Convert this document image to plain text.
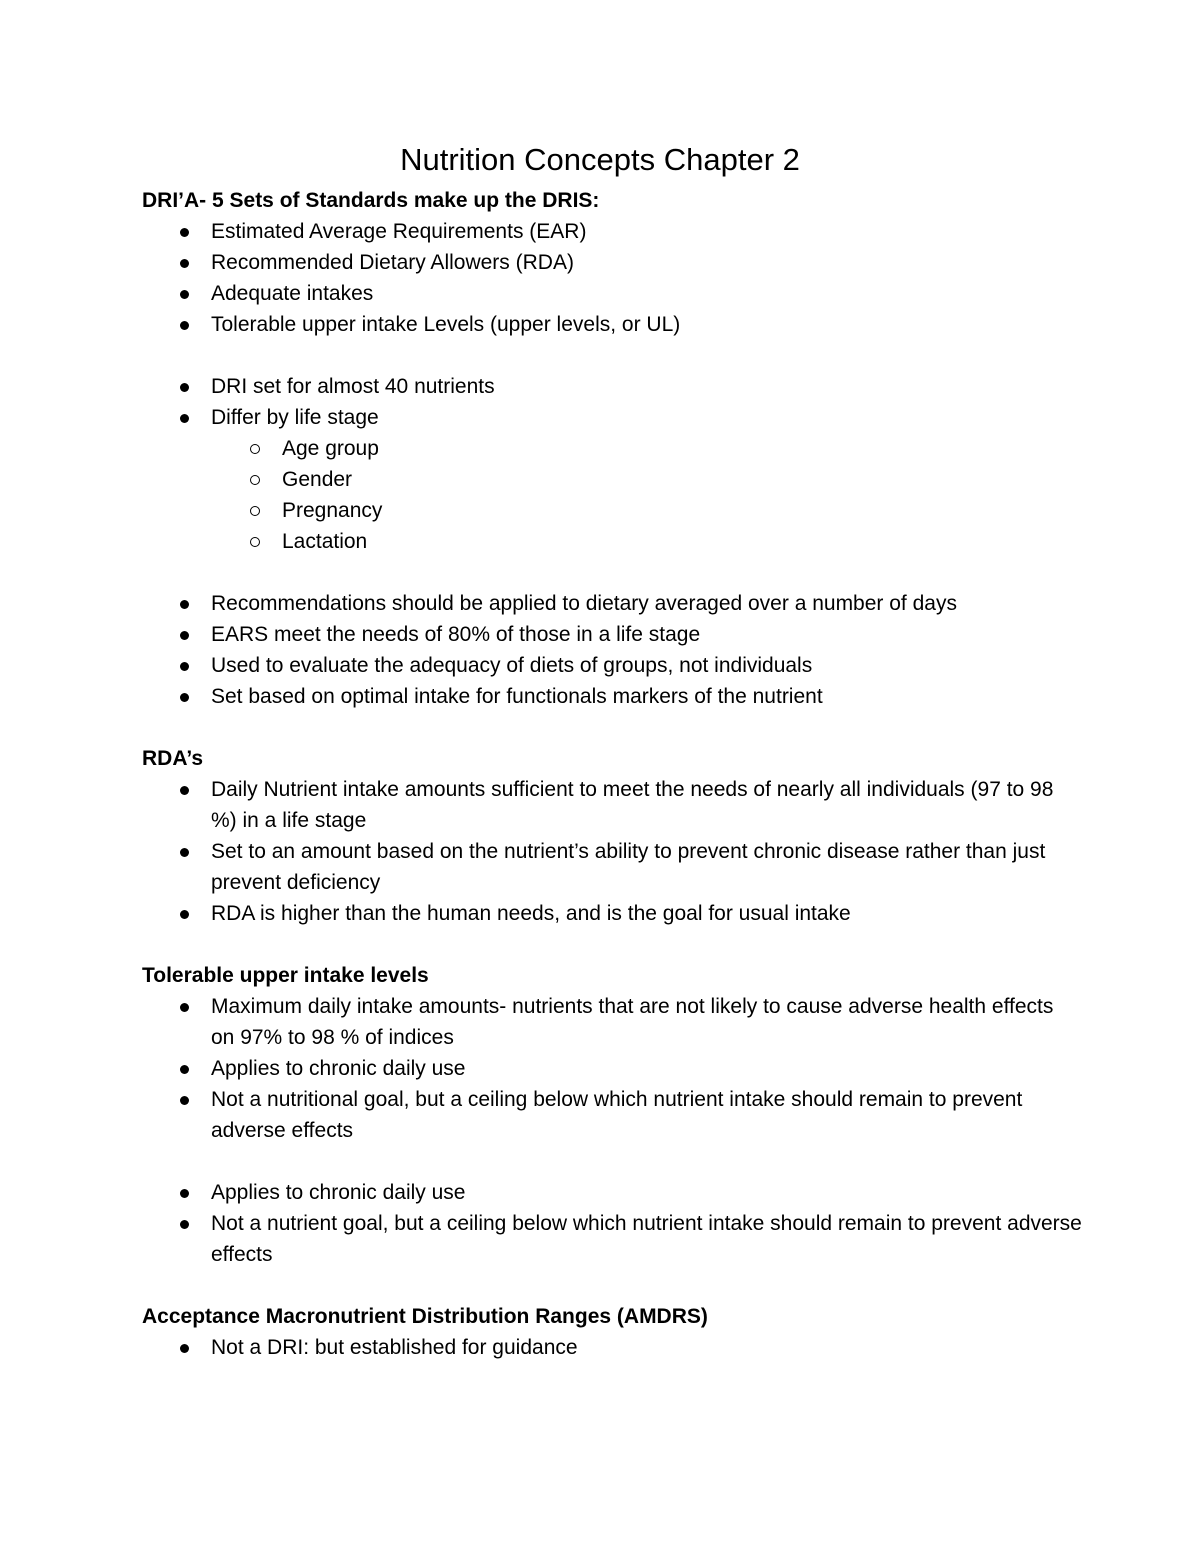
Nutrition Concepts Chapter 2
DRI’A- 5 Sets of Standards make up the DRIS:
Estimated Average Requirements (EAR)
Recommended Dietary Allowers (RDA)
Adequate intakes
Tolerable upper intake Levels (upper levels, or UL)
DRI set for almost 40 nutrients
Differ by life stage
Age group
Gender
Pregnancy
Lactation
Recommendations should be applied to dietary averaged over a number of days
EARS meet the needs of 80% of those in a life stage
Used to evaluate the adequacy of diets of groups, not individuals
Set based on optimal intake for functionals markers of the nutrient
RDA’s
Daily Nutrient intake amounts sufficient to meet the needs of nearly all individuals (97 to 98 %) in a life stage
Set to an amount based on the nutrient’s ability to prevent chronic disease rather than just prevent deficiency
RDA is higher than the human needs, and is the goal for usual intake
Tolerable upper intake levels
Maximum daily intake amounts- nutrients that are not likely to cause adverse health effects on 97% to 98 % of indices
Applies to chronic daily use
Not a nutritional goal, but a ceiling below which nutrient intake should remain to prevent adverse effects
Applies to chronic daily use
Not a nutrient goal, but a ceiling below which nutrient intake should remain to prevent adverse effects
Acceptance Macronutrient Distribution Ranges (AMDRS)
Not a DRI: but established for guidance
